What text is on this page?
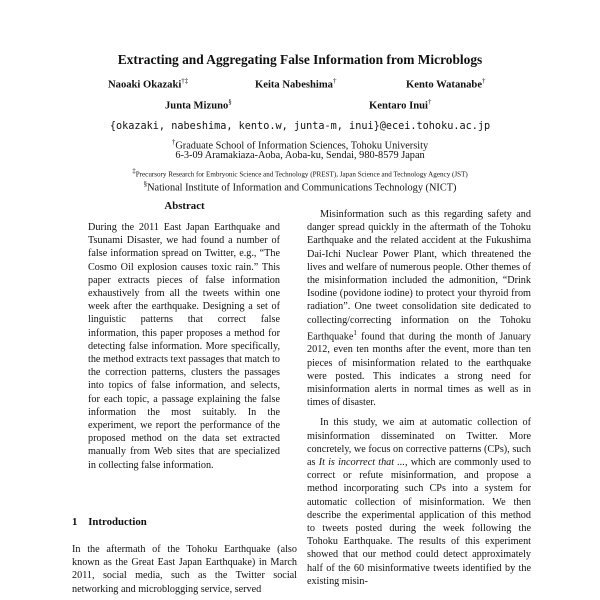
Extracting and Aggregating False Information from Microblogs
Naoaki Okazaki†‡	Keita Nabeshima†	Kento Watanabe†
Junta Mizuno§	Kentaro Inui†
{okazaki, nabeshima, kento.w, junta-m, inui}@ecei.tohoku.ac.jp
†Graduate School of Information Sciences, Tohoku University
6-3-09 Aramakiaza-Aoba, Aoba-ku, Sendai, 980-8579 Japan
‡Precursory Research for Embryonic Science and Technology (PREST), Japan Science and Technology Agency (JST)
§National Institute of Information and Communications Technology (NICT)
Abstract

During the 2011 East Japan Earthquake and Tsunami Disaster, we had found a number of false information spread on Twitter, e.g., “The Cosmo Oil explosion causes toxic rain.” This paper extracts pieces of false information exhaustively from all the tweets within one week after the earthquake. Designing a set of linguistic patterns that correct false information, this paper proposes a method for detecting false information. More specifically, the method extracts text passages that match to the correction patterns, clusters the passages into topics of false information, and selects, for each topic, a passage explaining the false information the most suitably. In the experiment, we report the performance of the proposed method on the data set extracted manually from Web sites that are specialized in collecting false information.

1 Introduction

In the aftermath of the Tohoku Earthquake (also known as the Great East Japan Earthquake) in March 2011, social media, such as the Twitter social networking and microblogging service, served

Misinformation such as this regarding safety and danger spread quickly in the aftermath of the Tohoku Earthquake and the related accident at the Fukushima Dai-Ichi Nuclear Power Plant, which threatened the lives and welfare of numerous people. Other themes of the misinformation included the admonition, “Drink Isodine (povidone iodine) to protect your thyroid from radiation”. One tweet consolidation site dedicated to collecting/correcting information on the Tohoku Earthquake$^1$ found that during the month of January 2012, even ten months after the event, more than ten pieces of misinformation related to the earthquake were posted. This indicates a strong need for misinformation alerts in normal times as well as in times of disaster.

In this study, we aim at automatic collection of misinformation disseminated on Twitter. More concretely, we focus on corrective patterns (CPs), such as It is incorrect that ..., which are commonly used to correct or refute misinformation, and propose a method incorporating such CPs into a system for automatic collection of misinformation. We then describe the experimental application of this method to tweets posted during the week following the Tohoku Earthquake. The results of this experiment showed that our method could detect approximately half of the 60 misinformative tweets identified by the existing misin-
